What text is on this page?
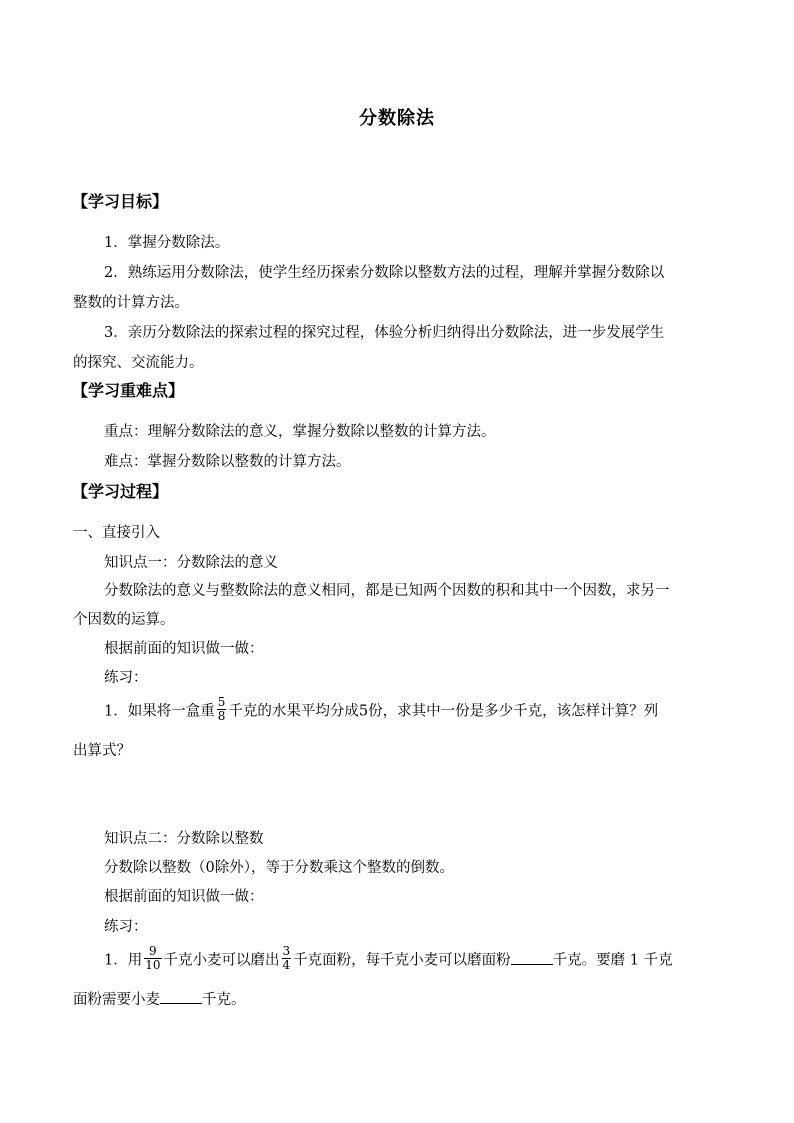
分数除法
【学习目标】
1．掌握分数除法。
2．熟练运用分数除法，使学生经历探索分数除以整数方法的过程，理解并掌握分数除以
整数的计算方法。
3．亲历分数除法的探索过程的探究过程，体验分析归纳得出分数除法，进一步发展学生
的探究、交流能力。
【学习重难点】
重点：理解分数除法的意义，掌握分数除以整数的计算方法。
难点：掌握分数除以整数的计算方法。
【学习过程】
一、直接引入
知识点一：分数除法的意义
分数除法的意义与整数除法的意义相同，都是已知两个因数的积和其中一个因数，求另一
个因数的运算。
根据前面的知识做一做：
练习：
1．如果将一盒重 $\frac{5}{8}$ 千克的水果平均分成5份，求其中一份是多少千克，该怎样计算？列
出算式？
知识点二：分数除以整数
分数除以整数（0除外），等于分数乘这个整数的倒数。
根据前面的知识做一做：
练习：
1．用 $\frac{9}{10}$ 千克小麦可以磨出 $\frac{3}{4}$ 千克面粉，每千克小麦可以磨面粉	千克。要磨 1 千克
面粉需要小麦	千克。
